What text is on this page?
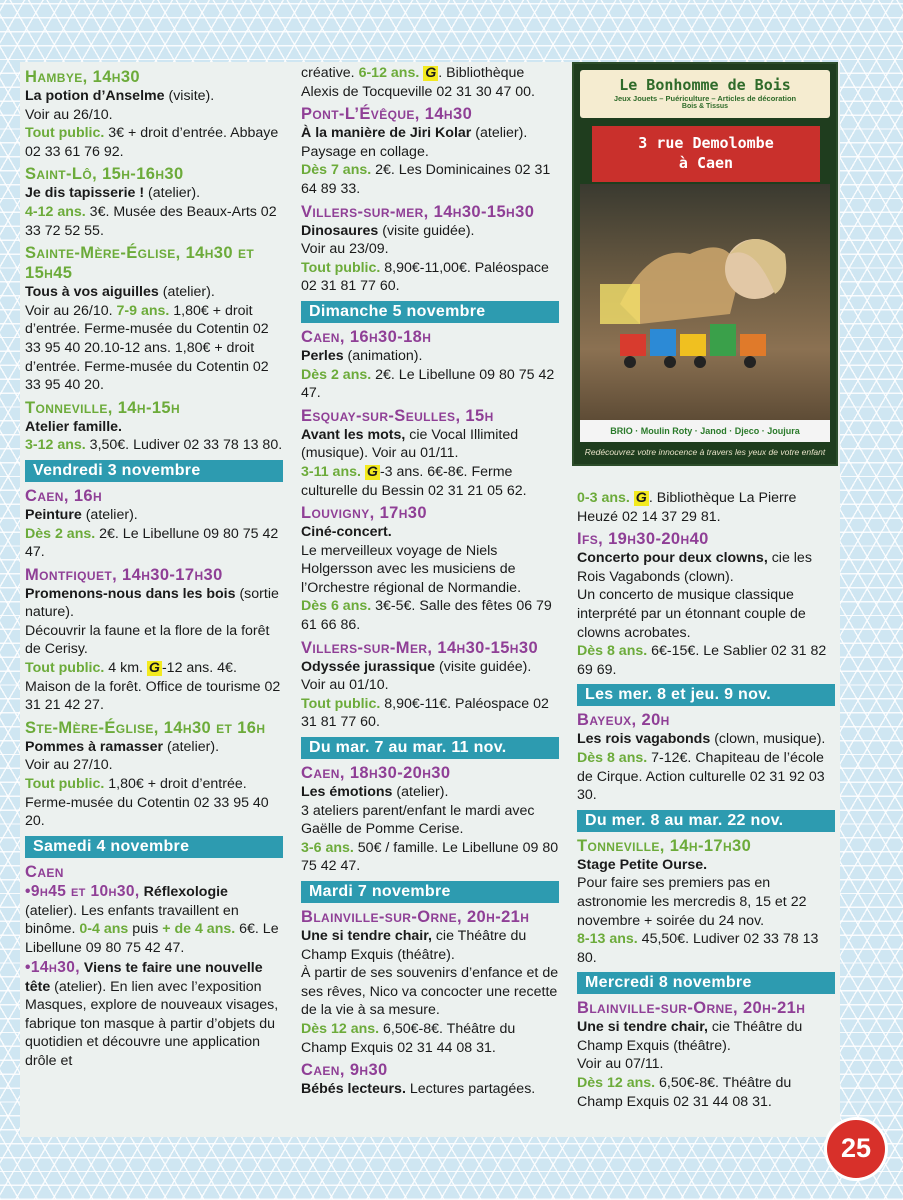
Hambye, 14h30

La potion d’Anselme (visite).
Voir au 26/10.
Tout public. 3€ + droit d’entrée. Abbaye 02 33 61 76 92.

Saint-Lô, 15h-16h30

Je dis tapisserie ! (atelier).
4-12 ans. 3€. Musée des Beaux-Arts 02 33 72 52 55.

Sainte-Mère-Église, 14h30 et 15h45

Tous à vos aiguilles (atelier).
Voir au 26/10. 7-9 ans. 1,80€ + droit d’entrée. Ferme-musée du Cotentin 02 33 95 40 20.10-12 ans. 1,80€ + droit d’entrée. Ferme-musée du Cotentin 02 33 95 40 20.

Tonneville, 14h-15h

Atelier famille.
3-12 ans. 3,50€. Ludiver 02 33 78 13 80.

Vendredi 3 novembre

Caen, 16h

Peinture (atelier).
Dès 2 ans. 2€. Le Libellune 09 80 75 42 47.

Montfiquet, 14h30-17h30

Promenons-nous dans les bois (sortie nature).
Découvrir la faune et la flore de la forêt de Cerisy.
Tout public. 4 km. G -12 ans. 4€. Maison de la forêt. Office de tourisme 02 31 21 42 27.

Ste-Mère-Église, 14h30 et 16h

Pommes à ramasser (atelier).
Voir au 27/10.
Tout public. 1,80€ + droit d’entrée. Ferme-musée du Cotentin 02 33 95 40 20.

Samedi 4 novembre

Caen

•9h45 et 10h30, Réflexologie (atelier). Les enfants travaillent en binôme. 0-4 ans puis + de 4 ans. 6€. Le Libellune 09 80 75 42 47.
•14h30, Viens te faire une nouvelle tête (atelier). En lien avec l’exposition Masques, explore de nouveaux visages, fabrique ton masque à partir d’objets du quotidien et découvre une application drôle et

créative. 6-12 ans. G . Bibliothèque Alexis de Tocqueville 02 31 30 47 00.

Pont-L’Évêque, 14h30

À la manière de Jiri Kolar (atelier).
Paysage en collage.
Dès 7 ans. 2€. Les Dominicaines 02 31 64 89 33.

Villers-sur-mer, 14h30-15h30

Dinosaures (visite guidée).
Voir au 23/09.
Tout public. 8,90€-11,00€. Paléospace 02 31 81 77 60.

Dimanche 5 novembre

Caen, 16h30-18h

Perles (animation).
Dès 2 ans. 2€. Le Libellune 09 80 75 42 47.

Esquay-sur-Seulles, 15h

Avant les mots, cie Vocal Illimited (musique). Voir au 01/11.
3-11 ans. G -3 ans. 6€-8€. Ferme culturelle du Bessin 02 31 21 05 62.

Louvigny, 17h30

Ciné-concert.
Le merveilleux voyage de Niels Holgersson avec les musiciens de l’Orchestre régional de Normandie.
Dès 6 ans. 3€-5€. Salle des fêtes 06 79 61 66 86.

Villers-sur-Mer, 14h30-15h30

Odyssée jurassique (visite guidée).
Voir au 01/10.
Tout public. 8,90€-11€. Paléospace 02 31 81 77 60.

Du mar. 7 au mar. 11 nov.

Caen, 18h30-20h30

Les émotions (atelier).
3 ateliers parent/enfant le mardi avec Gaëlle de Pomme Cerise.
3-6 ans. 50€ / famille. Le Libellune 09 80 75 42 47.

Mardi 7 novembre

Blainville-sur-Orne, 20h-21h

Une si tendre chair, cie Théâtre du Champ Exquis (théâtre).
À partir de ses souvenirs d’enfance et de ses rêves, Nico va concocter une recette de la vie à sa mesure.
Dès 12 ans. 6,50€-8€. Théâtre du Champ Exquis 02 31 44 08 31.

Caen, 9h30

Bébés lecteurs. Lectures partagées.

Le Bonhomme de Bois
Jeux Jouets – Puériculture – Articles de décoration
Bois & Tissus
3 rue Demolombe
à Caen
BRIO · Moulin Roty · Janod · Djeco · Joujura
Redécouvrez votre innocence à travers les yeux de votre enfant

0-3 ans. G . Bibliothèque La Pierre Heuzé 02 14 37 29 81.

Ifs, 19h30-20h40

Concerto pour deux clowns, cie les Rois Vagabonds (clown).
Un concerto de musique classique interprété par un étonnant couple de clowns acrobates.
Dès 8 ans. 6€-15€. Le Sablier 02 31 82 69 69.

Les mer. 8 et jeu. 9 nov.

Bayeux, 20h

Les rois vagabonds (clown, musique).
Dès 8 ans. 7-12€. Chapiteau de l’école de Cirque. Action culturelle 02 31 92 03 30.

Du mer. 8 au mar. 22 nov.

Tonneville, 14h-17h30

Stage Petite Ourse.
Pour faire ses premiers pas en astronomie les mercredis 8, 15 et 22 novembre + soirée du 24 nov.
8-13 ans. 45,50€. Ludiver 02 33 78 13 80.

Mercredi 8 novembre

Blainville-sur-Orne, 20h-21h

Une si tendre chair, cie Théâtre du Champ Exquis (théâtre).
Voir au 07/11.
Dès 12 ans. 6,50€-8€. Théâtre du Champ Exquis 02 31 44 08 31.

25
